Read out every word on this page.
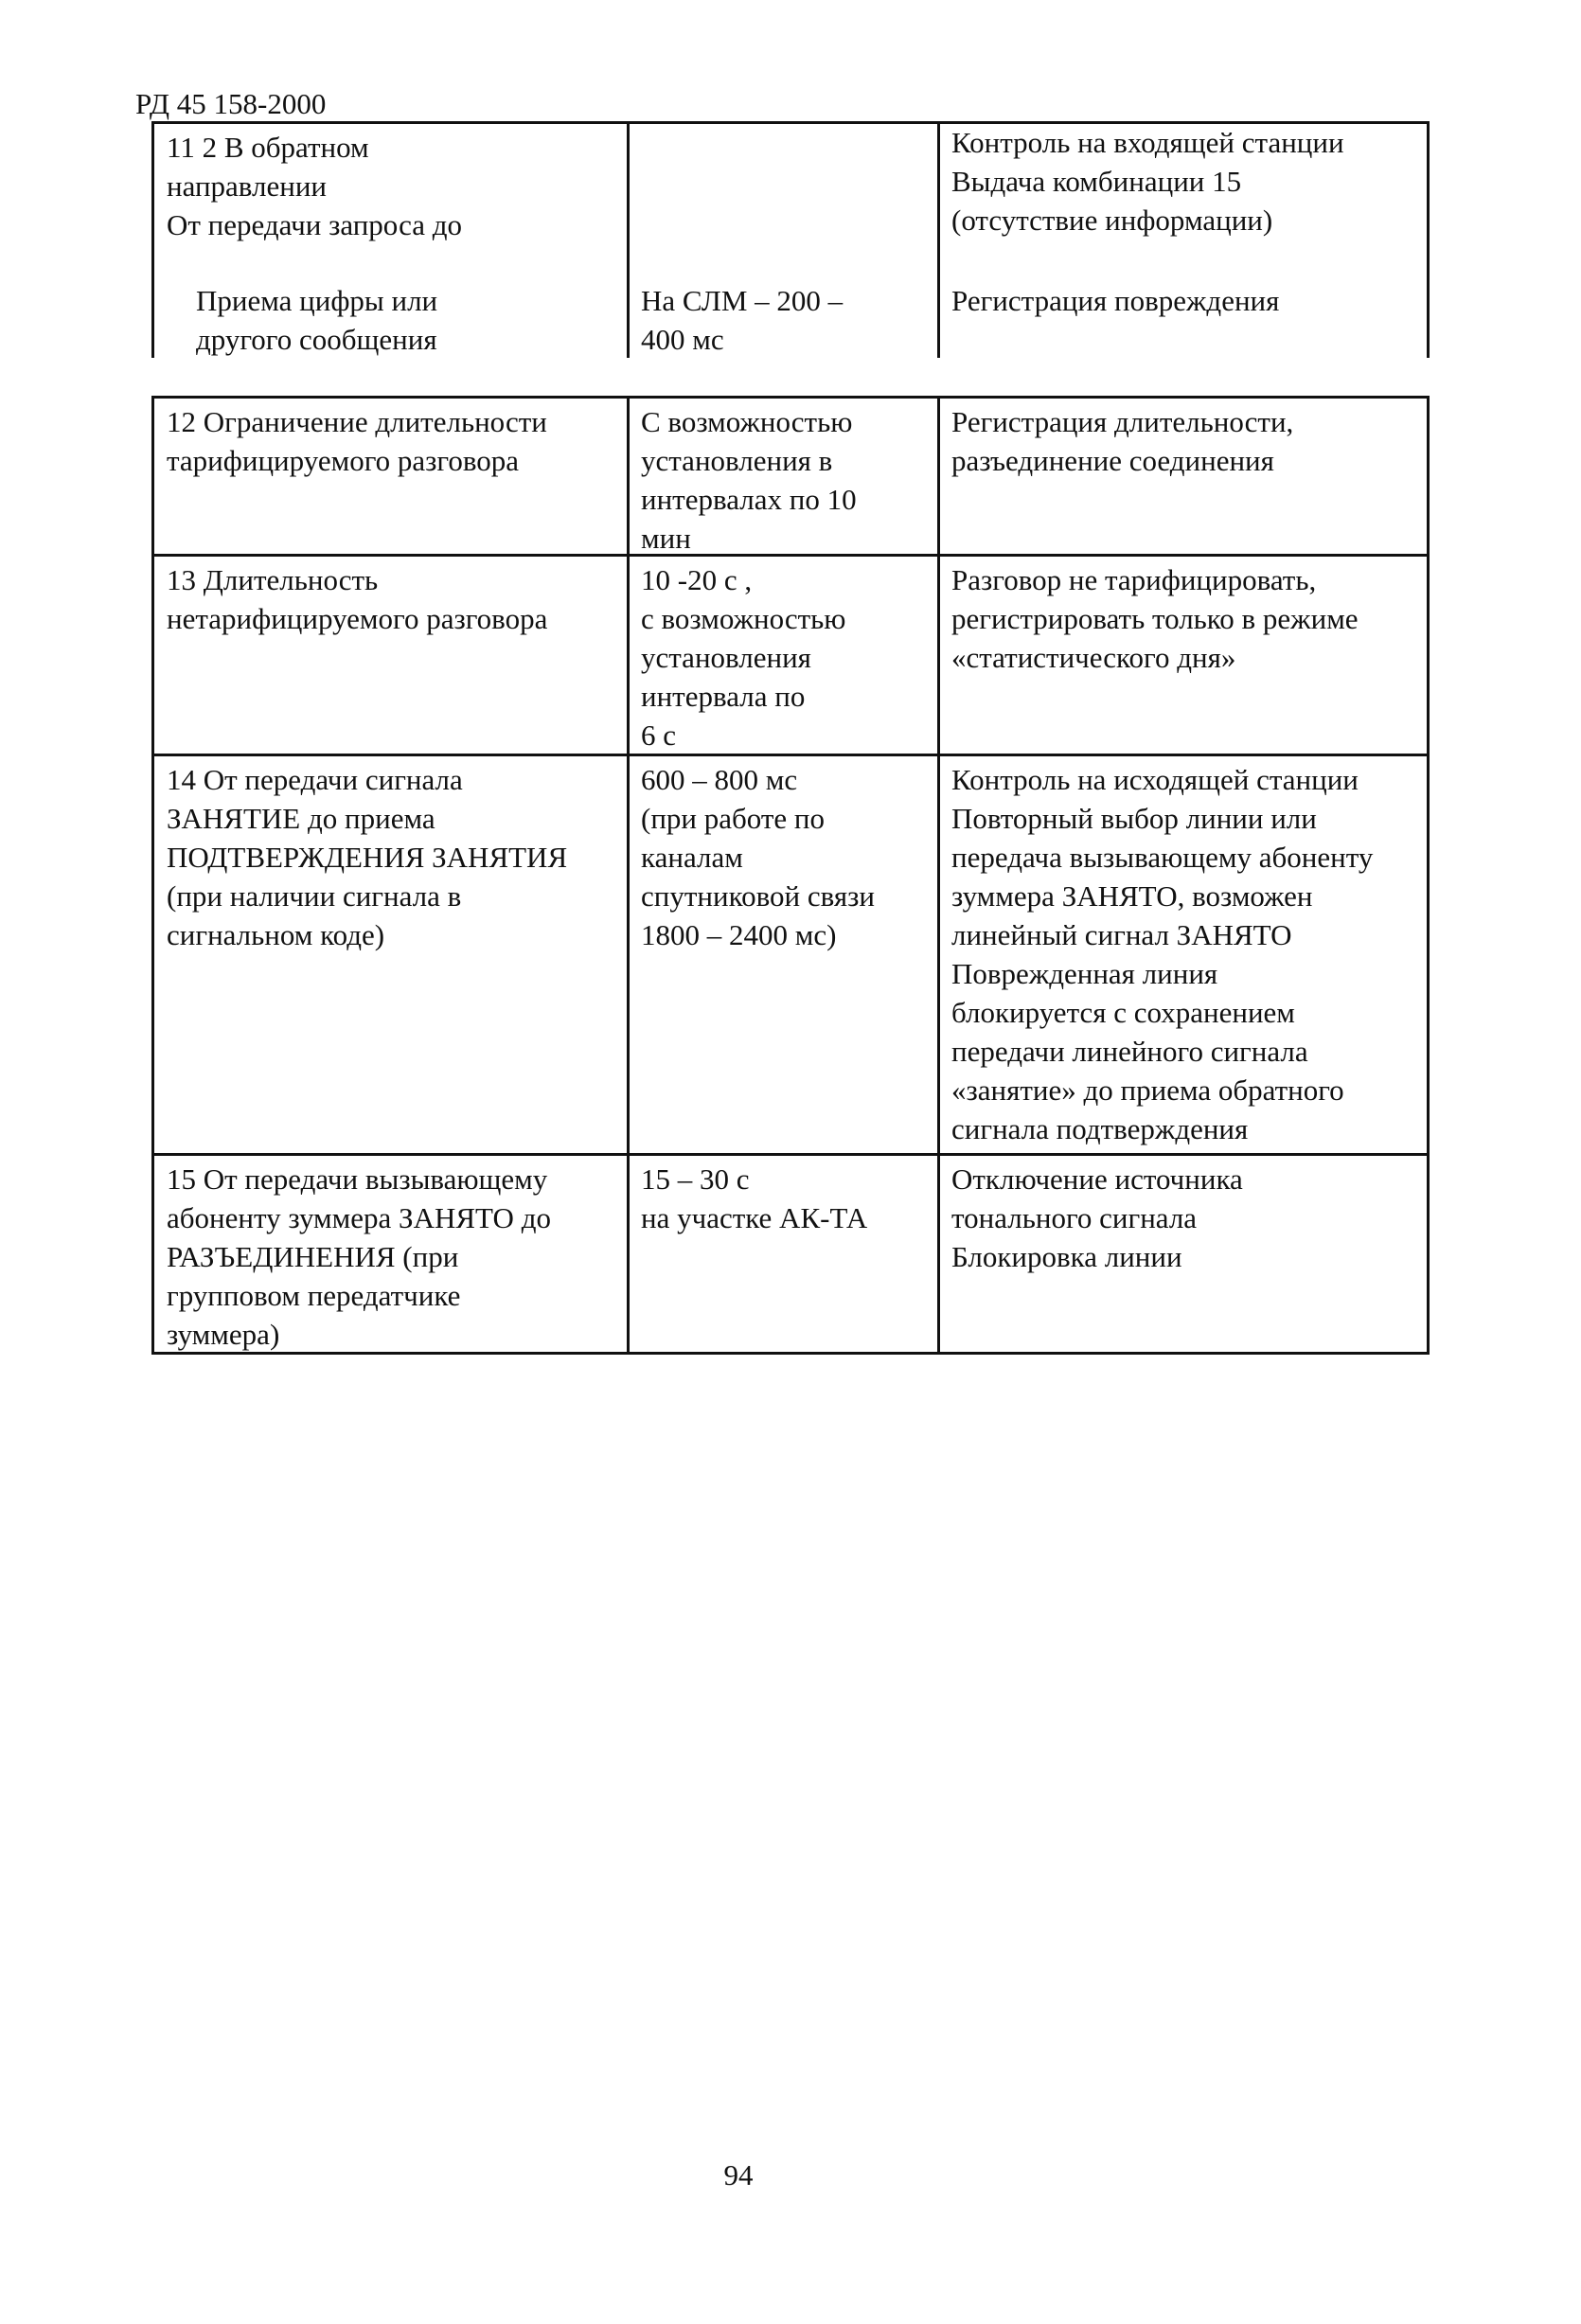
РД 45 158-2000

11 2 В обратном
направлении
От передачи запроса до

Приема цифры или
другого сообщения

На СЛМ – 200 –
400 мс

Контроль на входящей станции
Выдача комбинации 15
(отсутствие информации)

Регистрация повреждения

12 Ограничение длительности
тарифицируемого разговора

С возможностью
установления в
интервалах по 10
мин

Регистрация длительности,
разъединение соединения

13 Длительность
нетарифицируемого разговора

10 -20 с ,
с возможностью
установления
интервала по
6 с

Разговор не тарифицировать,
регистрировать только в режиме
«статистического дня»

14 От передачи сигнала
ЗАНЯТИЕ до приема
ПОДТВЕРЖДЕНИЯ ЗАНЯТИЯ
(при наличии сигнала в
сигнальном коде)

600 – 800 мс
(при работе по
каналам
спутниковой связи
1800 – 2400 мс)

Контроль на исходящей станции
Повторный выбор линии или
передача вызывающему абоненту
зуммера ЗАНЯТО, возможен
линейный сигнал ЗАНЯТО
Поврежденная линия
блокируется с сохранением
передачи линейного сигнала
«занятие» до приема обратного
сигнала подтверждения

15 От передачи вызывающему
абоненту зуммера ЗАНЯТО до
РАЗЪЕДИНЕНИЯ (при
групповом передатчике
зуммера)

15 – 30 с
на участке АК-ТА

Отключение источника
тонального сигнала
Блокировка линии

94
